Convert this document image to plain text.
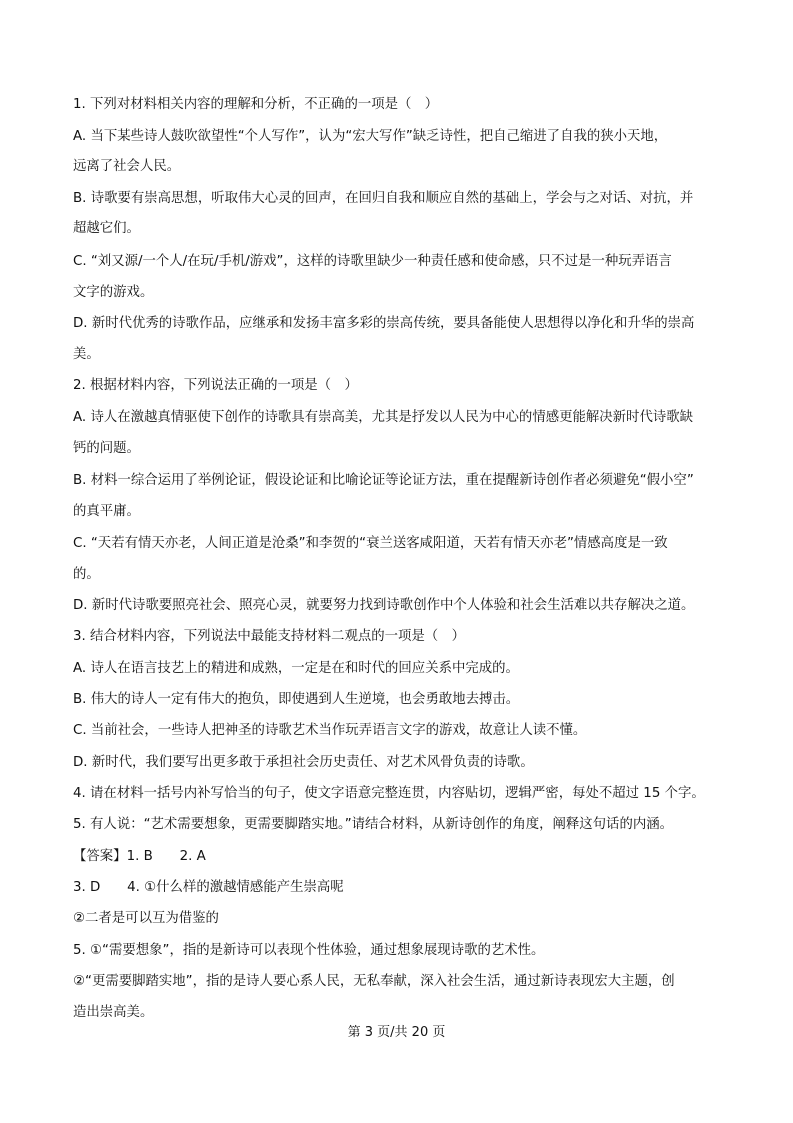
1. 下列对材料相关内容的理解和分析，不正确的一项是（　）
A. 当下某些诗人鼓吹欲望性“个人写作”，认为“宏大写作”缺乏诗性，把自己缩进了自我的狭小天地，
远离了社会人民。
B. 诗歌要有崇高思想，听取伟大心灵的回声，在回归自我和顺应自然的基础上，学会与之对话、对抗，并
超越它们。
C. “刘又源/一个人/在玩/手机/游戏”，这样的诗歌里缺少一种责任感和使命感，只不过是一种玩弄语言
文字的游戏。
D. 新时代优秀的诗歌作品，应继承和发扬丰富多彩的崇高传统，要具备能使人思想得以净化和升华的崇高
美。
2. 根据材料内容，下列说法正确的一项是（　）
A. 诗人在激越真情驱使下创作的诗歌具有崇高美，尤其是抒发以人民为中心的情感更能解决新时代诗歌缺
钙的问题。
B. 材料一综合运用了举例论证，假设论证和比喻论证等论证方法，重在提醒新诗创作者必须避免“假小空”
的真平庸。
C. “天若有情天亦老，人间正道是沧桑”和李贺的“衰兰送客咸阳道，天若有情天亦老”情感高度是一致
的。
D. 新时代诗歌要照亮社会、照亮心灵，就要努力找到诗歌创作中个人体验和社会生活难以共存解决之道。
3. 结合材料内容，下列说法中最能支持材料二观点的一项是（　）
A. 诗人在语言技艺上的精进和成熟，一定是在和时代的回应关系中完成的。
B. 伟大的诗人一定有伟大的抱负，即使遇到人生逆境，也会勇敢地去搏击。
C. 当前社会，一些诗人把神圣的诗歌艺术当作玩弄语言文字的游戏，故意让人读不懂。
D. 新时代，我们要写出更多敢于承担社会历史责任、对艺术风骨负责的诗歌。
4. 请在材料一括号内补写恰当的句子，使文字语意完整连贯，内容贴切，逻辑严密，每处不超过 15 个字。
5. 有人说：“艺术需要想象，更需要脚踏实地。”请结合材料，从新诗创作的角度，阐释这句话的内涵。
【答案】1. B　　2. A
3. D　　4. ①什么样的激越情感能产生崇高呢
②二者是可以互为借鉴的
5. ①“需要想象”，指的是新诗可以表现个性体验，通过想象展现诗歌的艺术性。
②“更需要脚踏实地”，指的是诗人要心系人民，无私奉献，深入社会生活，通过新诗表现宏大主题，创
造出崇高美。
第 3 页/共 20 页
